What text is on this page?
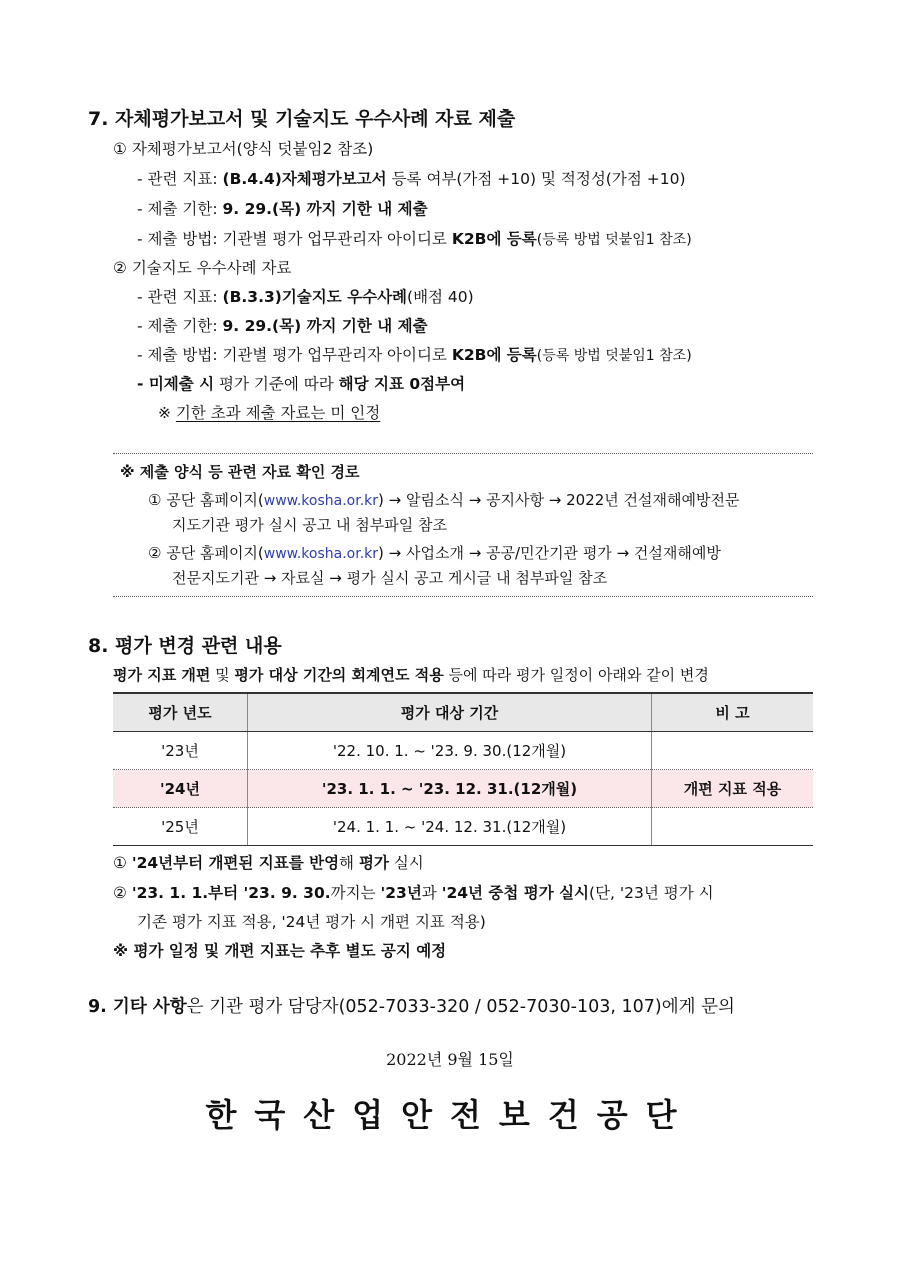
7. 자체평가보고서 및 기술지도 우수사례 자료 제출
① 자체평가보고서(양식 덧붙임2 참조)
- 관련 지표: (B.4.4)자체평가보고서 등록 여부(가점 +10) 및 적정성(가점 +10)
- 제출 기한: 9. 29.(목) 까지 기한 내 제출
- 제출 방법: 기관별 평가 업무관리자 아이디로 K2B에 등록(등록 방법 덧붙임1 참조)
② 기술지도 우수사례 자료
- 관련 지표: (B.3.3)기술지도 우수사례(배점 40)
- 제출 기한: 9. 29.(목) 까지 기한 내 제출
- 제출 방법: 기관별 평가 업무관리자 아이디로 K2B에 등록(등록 방법 덧붙임1 참조)
- 미제출 시 평가 기준에 따라 해당 지표 0점부여
※ 기한 초과 제출 자료는 미 인정
※ 제출 양식 등 관련 자료 확인 경로
① 공단 홈페이지(www.kosha.or.kr) → 알림소식 → 공지사항 → 2022년 건설재해예방전문
지도기관 평가 실시 공고 내 첨부파일 참조
② 공단 홈페이지(www.kosha.or.kr) → 사업소개 → 공공/민간기관 평가 → 건설재해예방
전문지도기관 → 자료실 → 평가 실시 공고 게시글 내 첨부파일 참조
8. 평가 변경 관련 내용
평가 지표 개편 및 평가 대상 기간의 회계연도 적용 등에 따라 평가 일정이 아래와 같이 변경
평가 년도	평가 대상 기간	비 고
'23년	'22. 10. 1. ~ '23. 9. 30.(12개월)	
'24년	'23. 1. 1. ~ '23. 12. 31.(12개월)	개편 지표 적용
'25년	'24. 1. 1. ~ '24. 12. 31.(12개월)	
① '24년부터 개편된 지표를 반영해 평가 실시
② '23. 1. 1.부터 '23. 9. 30.까지는 '23년과 '24년 중첩 평가 실시(단, '23년 평가 시
기존 평가 지표 적용, '24년 평가 시 개편 지표 적용)
※ 평가 일정 및 개편 지표는 추후 별도 공지 예정
9. 기타 사항은 기관 평가 담당자(052-7033-320 / 052-7030-103, 107)에게 문의
2022년 9월 15일
한국산업안전보건공단
